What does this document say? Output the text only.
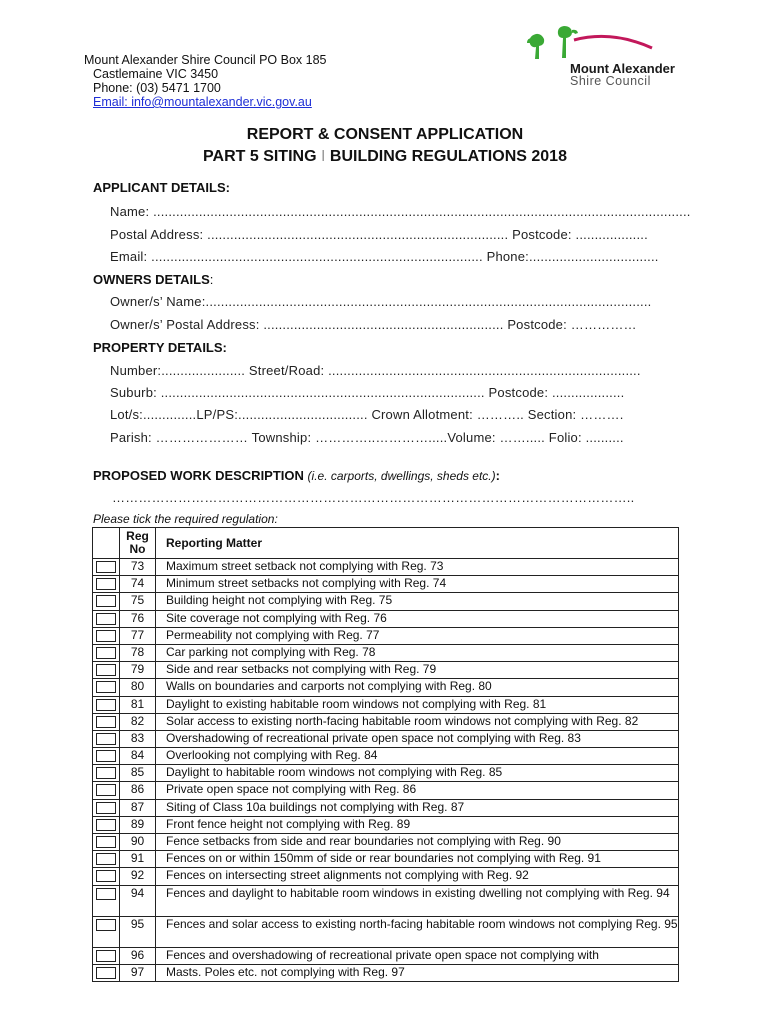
Mount Alexander Shire Council PO Box 185
Castlemaine VIC 3450
Phone: (03) 5471 1700
Email: info@mountalexander.vic.gov.au
Mount Alexander
Shire Council
REPORT & CONSENT APPLICATION
PART 5 SITING I BUILDING REGULATIONS 2018
APPLICANT DETAILS:
Name: .............................................................................................................................................
Postal Address: ............................................................................... Postcode: ...................
Email: ....................................................................................... Phone:..................................
OWNERS DETAILS:
Owner/s’ Name:.....................................................................................................................
Owner/s’ Postal Address: ............................................................... Postcode: ……………
PROPERTY DETAILS:
Number:...................... Street/Road: ..................................................................................
Suburb: ..................................................................................... Postcode: ...................
Lot/s:..............LP/PS:.................................. Crown Allotment: ……….. Section: ……….
Parish: ………………… Township: …………..………….....Volume: ……..... Folio: ..........
PROPOSED WORK DESCRIPTION (i.e. carports, dwellings, sheds etc.):
………………………………………………………………………………………………………..
Please tick the required regulation:
	Reg
No	Reporting Matter

	73	Maximum street setback not complying with Reg. 73

	74	Minimum street setbacks not complying with Reg. 74

	75	Building height not complying with Reg. 75

	76	Site coverage not complying with Reg. 76

	77	Permeability not complying with Reg. 77

	78	Car parking not complying with Reg. 78

	79	Side and rear setbacks not complying with Reg. 79

	80	Walls on boundaries and carports not complying with Reg. 80

	81	Daylight to existing habitable room windows not complying with Reg. 81

	82	Solar access to existing north-facing habitable room windows not complying with Reg. 82

	83	Overshadowing of recreational private open space not complying with Reg. 83

	84	Overlooking not complying with Reg. 84

	85	Daylight to habitable room windows not complying with Reg. 85

	86	Private open space not complying with Reg. 86

	87	Siting of Class 10a buildings not complying with Reg. 87

	89	Front fence height not complying with Reg. 89

	90	Fence setbacks from side and rear boundaries not complying with Reg. 90

	91	Fences on or within 150mm of side or rear boundaries not complying with Reg. 91

	92	Fences on intersecting street alignments not complying with Reg. 92

	94	Fences and daylight to habitable room windows in existing dwelling not complying with Reg. 94

	95	Fences and solar access to existing north-facing habitable room windows not complying Reg. 95

	96	Fences and overshadowing of recreational private open space not complying with

	97	Masts. Poles etc. not complying with Reg. 97
